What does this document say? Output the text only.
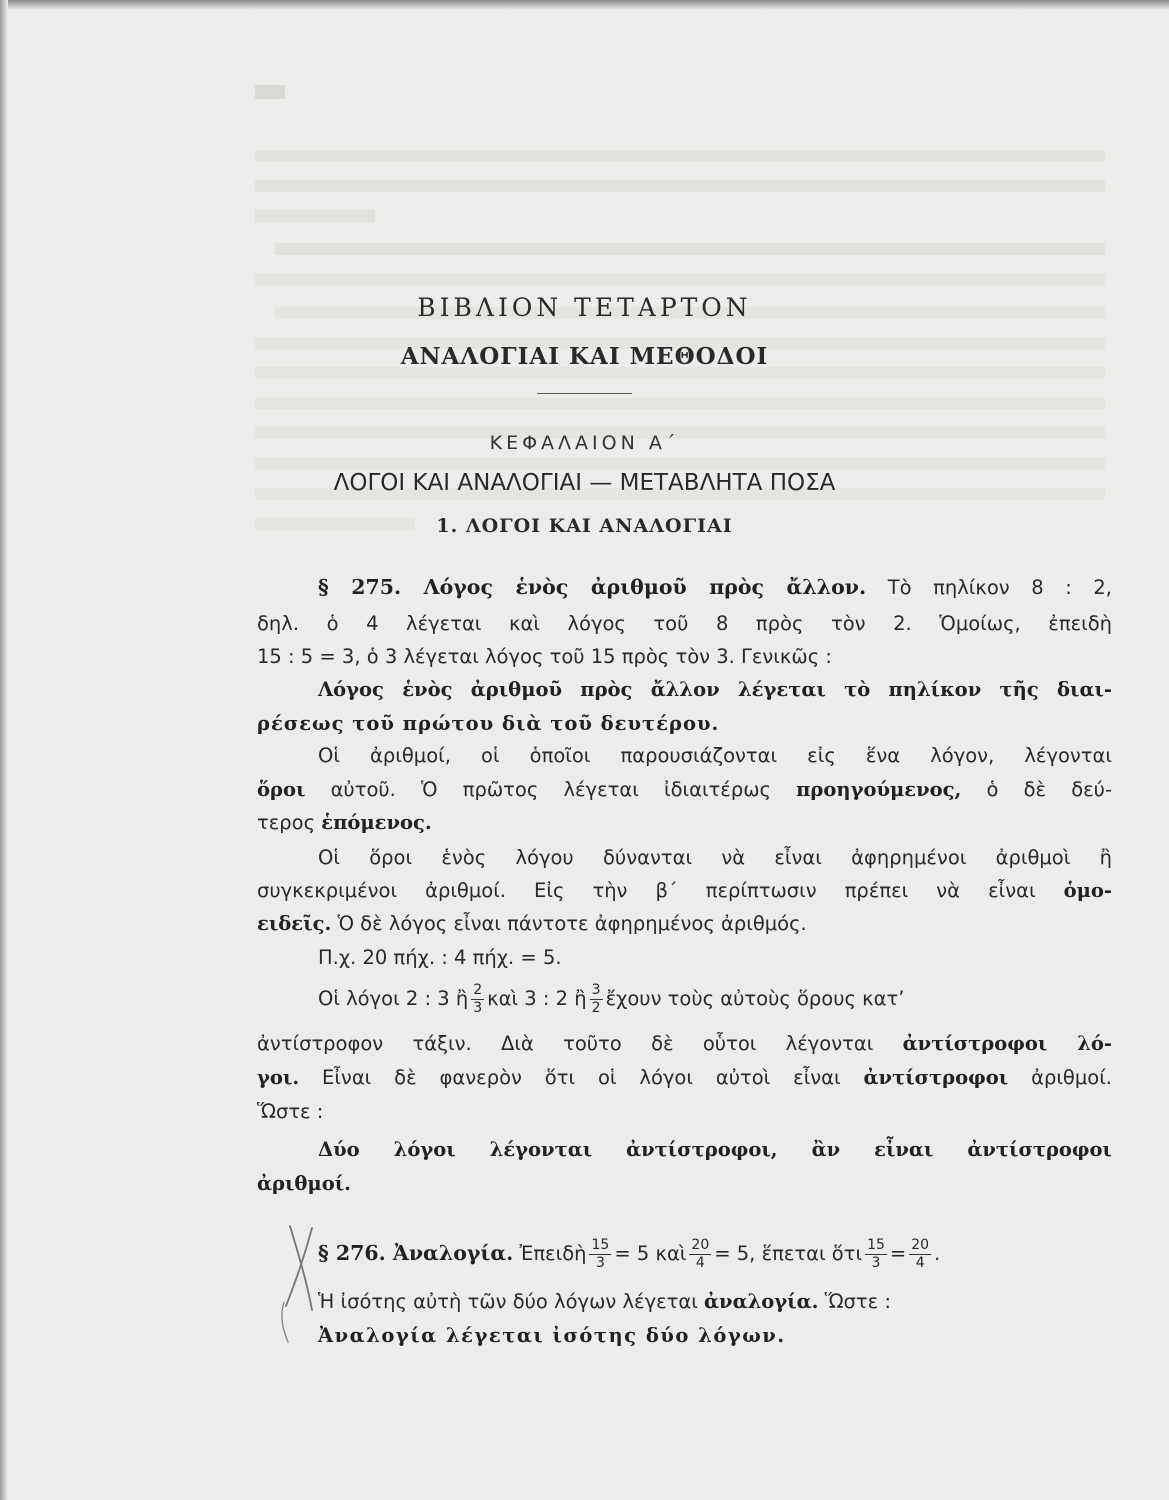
ΒΙΒΛΙΟΝ ΤΕΤΑΡΤΟΝ
ΑΝΑΛΟΓΙΑΙ ΚΑΙ ΜΕΘΟΔΟΙ
ΚΕΦΑΛΑΙΟΝ Α΄
ΛΟΓΟΙ ΚΑΙ ΑΝΑΛΟΓΙΑΙ — ΜΕΤΑΒΛΗΤΑ ΠΟΣΑ
1. ΛΟΓΟΙ ΚΑΙ ΑΝΑΛΟΓΙΑΙ
§ 275. Λόγος ἑνὸς ἀριθμοῦ πρὸς ἄλλον. Τὸ πηλίκον 8 : 2,
δηλ. ὁ 4 λέγεται καὶ λόγος τοῦ 8 πρὸς τὸν 2. Ὁμοίως, ἐπειδὴ
15 : 5 = 3, ὁ 3 λέγεται λόγος τοῦ 15 πρὸς τὸν 3. Γενικῶς :
Λόγος ἑνὸς ἀριθμοῦ πρὸς ἄλλον λέγεται τὸ πηλίκον τῆς διαι-
ρέσεως τοῦ πρώτου διὰ τοῦ δευτέρου.
Οἱ ἀριθμοί, οἱ ὁποῖοι παρουσιάζονται εἰς ἕνα λόγον, λέγονται
ὅροι αὐτοῦ. Ὁ πρῶτος λέγεται ἰδιαιτέρως προηγούμενος, ὁ δὲ δεύ-
τερος ἑπόμενος.
Οἱ ὅροι ἑνὸς λόγου δύνανται νὰ εἶναι ἀφηρημένοι ἀριθμοὶ ἢ
συγκεκριμένοι ἀριθμοί. Εἰς τὴν β΄ περίπτωσιν πρέπει νὰ εἶναι ὁμο-
ειδεῖς. Ὁ δὲ λόγος εἶναι πάντοτε ἀφηρημένος ἀριθμός.
Π.χ. 20 πήχ. : 4 πήχ. = 5.
Οἱ λόγοι 2 : 3 ἢ $\frac{2}{3}$ καὶ 3 : 2 ἢ $\frac{3}{2}$ ἔχουν τοὺς αὐτοὺς ὅρους κατ’
ἀντίστροφον τάξιν. Διὰ τοῦτο δὲ οὗτοι λέγονται ἀντίστροφοι λό-
γοι. Εἶναι δὲ φανερὸν ὅτι οἱ λόγοι αὐτοὶ εἶναι ἀντίστροφοι ἀριθμοί.
Ὥστε :
Δύο λόγοι λέγονται ἀντίστροφοι, ἂν εἶναι ἀντίστροφοι
ἀριθμοί.
§ 276. Ἀναλογία. Ἐπειδὴ $\frac{15}{3} = 5$ καὶ $\frac{20}{4} = 5$, ἕπεται ὅτι $\frac{15}{3} = \frac{20}{4}$ .
Ἡ ἰσότης αὐτὴ τῶν δύο λόγων λέγεται ἀναλογία. Ὥστε :
Ἀναλογία λέγεται ἰσότης δύο λόγων.
